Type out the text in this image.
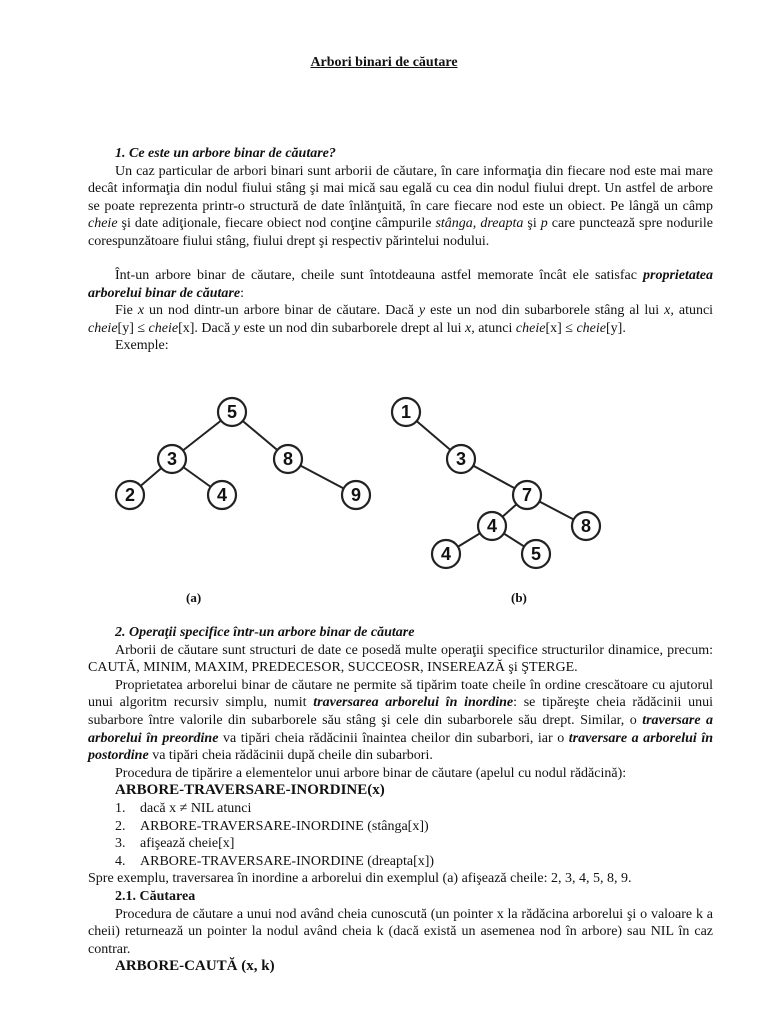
Arbori binari de căutare

1. Ce este un arbore binar de căutare?

Un caz particular de arbori binari sunt arborii de căutare, în care informaţia din fiecare nod este mai mare decât informaţia din nodul fiului stâng şi mai mică sau egală cu cea din nodul fiului drept. Un astfel de arbore se poate reprezenta printr-o structură de date înlănţuită, în care fiecare nod este un obiect. Pe lângă un câmp cheie şi date adiţionale, fiecare obiect nod conţine câmpurile stânga, dreapta şi p care punctează spre nodurile corespunzătoare fiului stâng, fiului drept şi respectiv părintelui nodului.

Înt-un arbore binar de căutare, cheile sunt întotdeauna astfel memorate încât ele satisfac proprietatea arborelui binar de căutare:

Fie x un nod dintr-un arbore binar de căutare. Dacă y este un nod din subarborele stâng al lui x, atunci cheie[y] ≤ cheie[x]. Dacă y este un nod din subarborele drept al lui x, atunci cheie[x] ≤ cheie[y].

Exemple:

5
3	8
2	4	9
1
3
7
4	8
4	5
(a)	(b)

2. Operaţii specifice într-un arbore binar de căutare

Arborii de căutare sunt structuri de date ce posedă multe operaţii specifice structurilor dinamice, precum: CAUTĂ, MINIM, MAXIM, PREDECESOR, SUCCEOSR, INSEREAZĂ şi ŞTERGE.

Proprietatea arborelui binar de căutare ne permite să tipărim toate cheile în ordine crescătoare cu ajutorul unui algoritm recursiv simplu, numit traversarea arborelui în inordine: se tipăreşte cheia rădăcinii unui subarbore între valorile din subarborele său stâng şi cele din subarborele său drept. Similar, o traversare a arborelui în preordine va tipări cheia rădăcinii înaintea cheilor din subarbori, iar o traversare a arborelui în postordine va tipări cheia rădăcinii după cheile din subarbori.

Procedura de tipărire a elementelor unui arbore binar de căutare (apelul cu nodul rădăcină):

ARBORE-TRAVERSARE-INORDINE(x)

1. dacă x ≠ NIL atunci
2. ARBORE-TRAVERSARE-INORDINE (stânga[x])
3. afişează cheie[x]
4. ARBORE-TRAVERSARE-INORDINE (dreapta[x])

Spre exemplu, traversarea în inordine a arborelui din exemplul (a) afişează cheile: 2, 3, 4, 5, 8, 9.

2.1. Căutarea

Procedura de căutare a unui nod având cheia cunoscută (un pointer x la rădăcina arborelui şi o valoare k a cheii) returnează un pointer la nodul având cheia k (dacă există un asemenea nod în arbore) sau NIL în caz contrar.

ARBORE-CAUTĂ (x, k)
